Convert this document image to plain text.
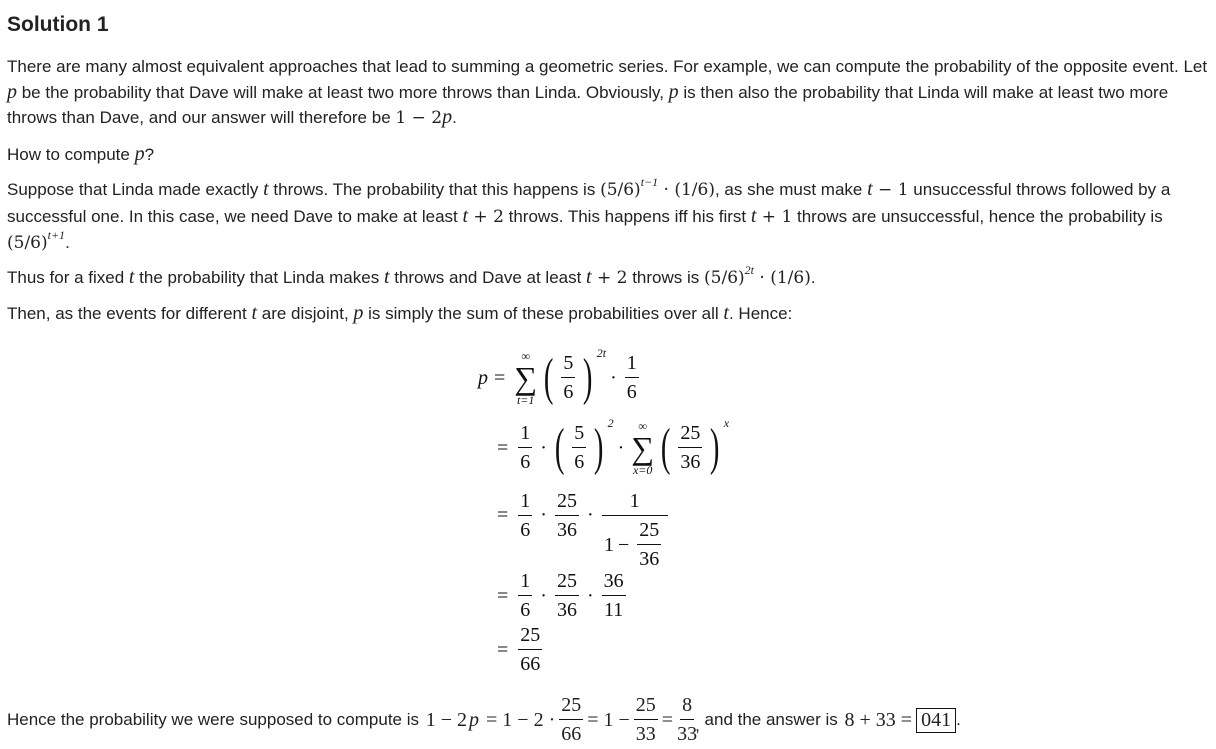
Solution 1
There are many almost equivalent approaches that lead to summing a geometric series. For example, we can compute the probability of the opposite event. Let p be the probability that Dave will make at least two more throws than Linda. Obviously, p is then also the probability that Linda will make at least two more throws than Dave, and our answer will therefore be 1 − 2p.
How to compute p?
Suppose that Linda made exactly t throws. The probability that this happens is $(5/6)^{t-1} \cdot (1/6)$, as she must make t − 1 unsuccessful throws followed by a successful one. In this case, we need Dave to make at least t + 2 throws. This happens iff his first t + 1 throws are unsuccessful, hence the probability is $(5/6)^{t+1}$.
Thus for a fixed t the probability that Linda makes t throws and Dave at least t + 2 throws is $(5/6)^{2t} \cdot (1/6)$.
Then, as the events for different t are disjoint, p is simply the sum of these probabilities over all t. Hence:
p =
∞
∑
t=1 ( $\frac{5}{6}$ ) 2t
· $\frac{1}{6}$
= $\frac{1}{6}$ · ( $\frac{5}{6}$ ) 2
·
∞
∑
x=0 ( $\frac{25}{36}$ ) x
= $\frac{1}{6} \cdot \frac{25}{36} \cdot \frac{1}{1 - \frac{25}{36}}$
= $\frac{1}{6} \cdot \frac{25}{36} \cdot \frac{36}{11}$
= $\frac{25}{66}$
Hence the probability we were supposed to compute is 1 − 2 $p = 1 - 2 \cdot \frac{25}{66} = 1 - \frac{25}{33} = \frac{8}{33}$
, and the answer is 8 + 33 = 041 .
